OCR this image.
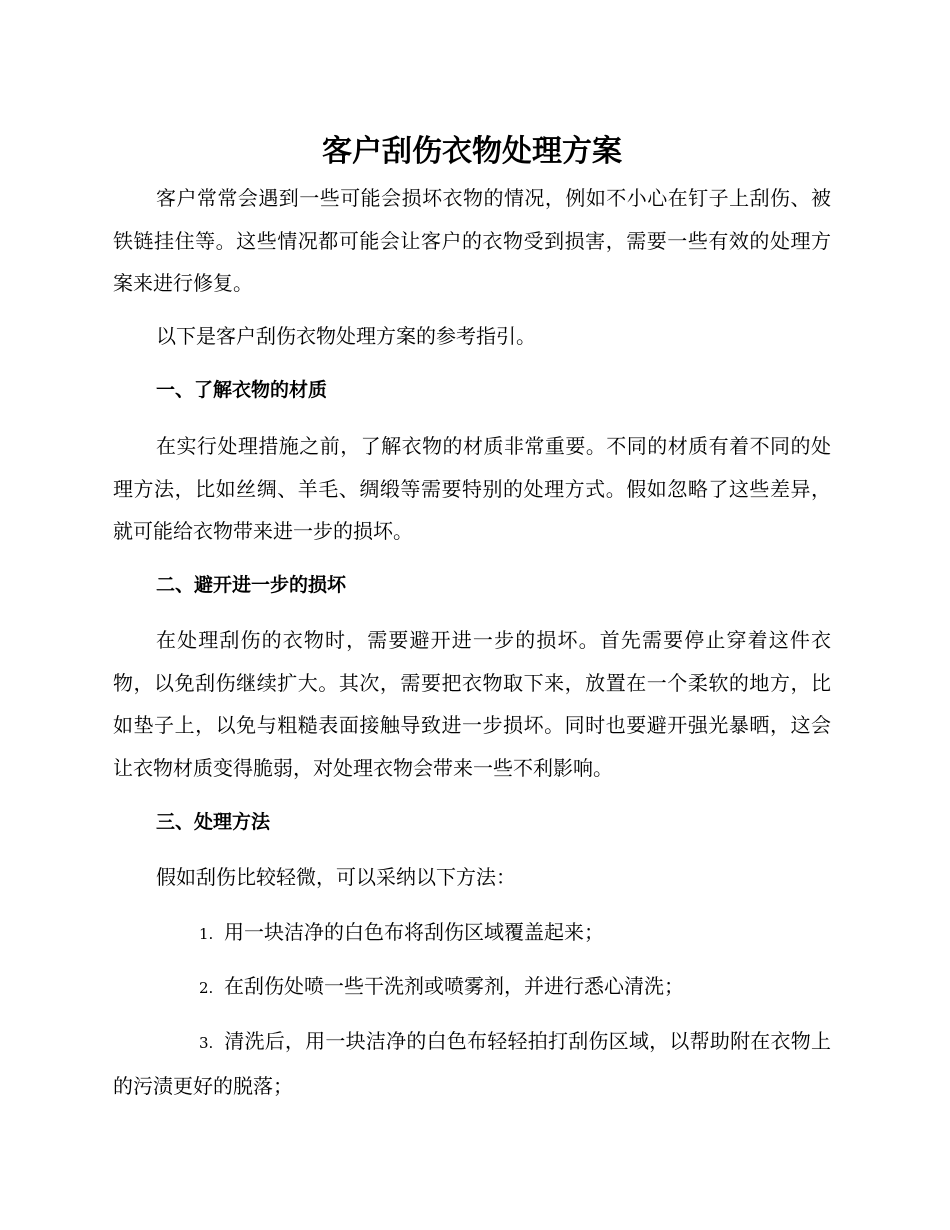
客户刮伤衣物处理方案

客户常常会遇到一些可能会损坏衣物的情况，例如不小心在钉子上刮伤、被铁链挂住等。这些情况都可能会让客户的衣物受到损害，需要一些有效的处理方案来进行修复。

以下是客户刮伤衣物处理方案的参考指引。

一、了解衣物的材质

在实行处理措施之前，了解衣物的材质非常重要。不同的材质有着不同的处理方法，比如丝绸、羊毛、绸缎等需要特别的处理方式。假如忽略了这些差异，就可能给衣物带来进一步的损坏。

二、避开进一步的损坏

在处理刮伤的衣物时，需要避开进一步的损坏。首先需要停止穿着这件衣物，以免刮伤继续扩大。其次，需要把衣物取下来，放置在一个柔软的地方，比如垫子上，以免与粗糙表面接触导致进一步损坏。同时也要避开强光暴晒，这会让衣物材质变得脆弱，对处理衣物会带来一些不利影响。

三、处理方法

假如刮伤比较轻微，可以采纳以下方法：

1. 用一块洁净的白色布将刮伤区域覆盖起来；

2. 在刮伤处喷一些干洗剂或喷雾剂，并进行悉心清洗；

3. 清洗后，用一块洁净的白色布轻轻拍打刮伤区域，以帮助附在衣物上的污渍更好的脱落；
